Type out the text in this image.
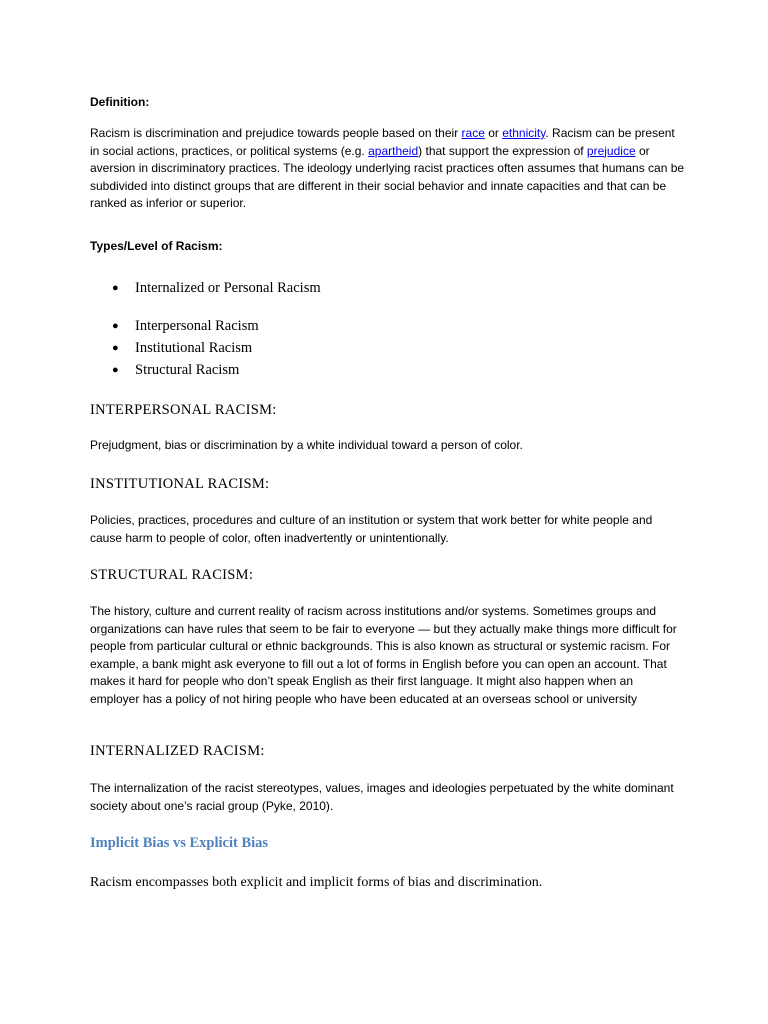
Definition:

Racism is discrimination and prejudice towards people based on their race or ethnicity. Racism can be present in social actions, practices, or political systems (e.g. apartheid) that support the expression of prejudice or aversion in discriminatory practices. The ideology underlying racist practices often assumes that humans can be subdivided into distinct groups that are different in their social behavior and innate capacities and that can be ranked as inferior or superior.

Types/Level of Racism:

● Internalized or Personal Racism
● Interpersonal Racism
● Institutional Racism
● Structural Racism
INTERPERSONAL RACISM:

Prejudgment, bias or discrimination by a white individual toward a person of color.

INSTITUTIONAL RACISM:

Policies, practices, procedures and culture of an institution or system that work better for white people and cause harm to people of color, often inadvertently or unintentionally.

STRUCTURAL RACISM:

The history, culture and current reality of racism across institutions and/or systems. Sometimes groups and organizations can have rules that seem to be fair to everyone — but they actually make things more difficult for people from particular cultural or ethnic backgrounds. This is also known as structural or systemic racism. For example, a bank might ask everyone to fill out a lot of forms in English before you can open an account. That makes it hard for people who don’t speak English as their first language. It might also happen when an employer has a policy of not hiring people who have been educated at an overseas school or university

INTERNALIZED RACISM:

The internalization of the racist stereotypes, values, images and ideologies perpetuated by the white dominant society about one’s racial group (Pyke, 2010).

Implicit Bias vs Explicit Bias

Racism encompasses both explicit and implicit forms of bias and discrimination.
